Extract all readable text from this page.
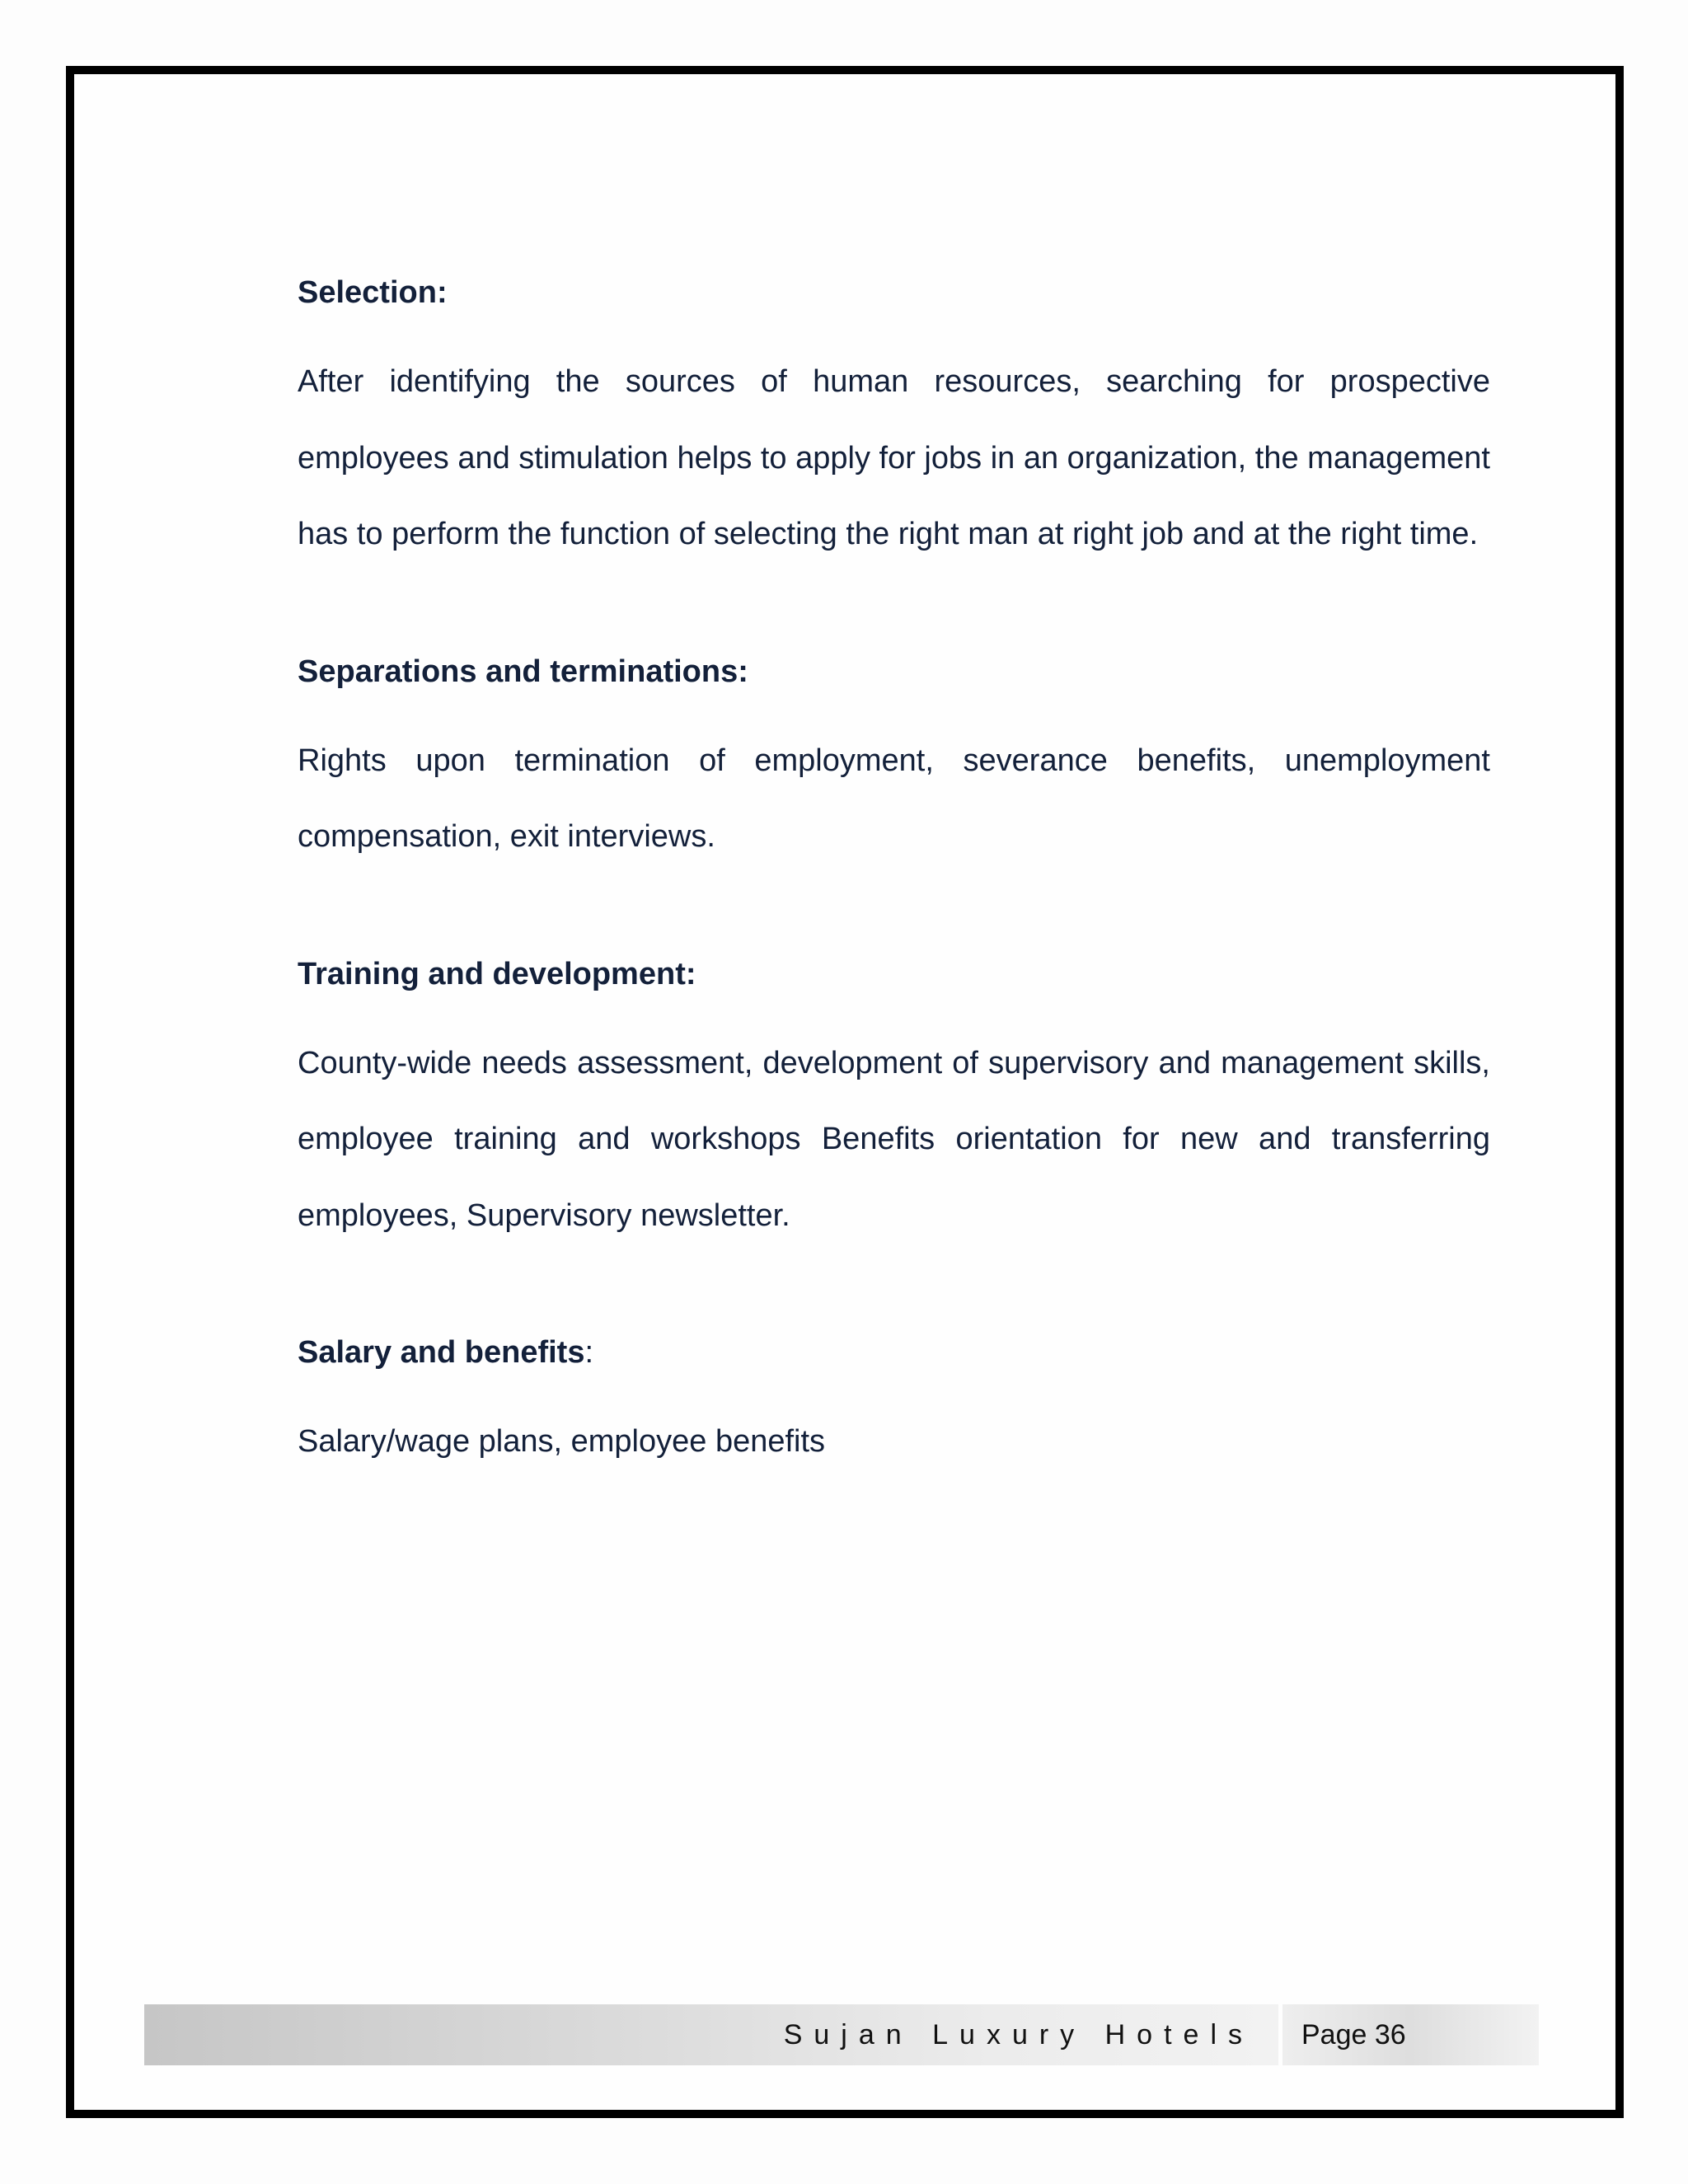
Selection:

After identifying the sources of human resources, searching for prospective employees and stimulation helps to apply for jobs in an organization, the management has to perform the function of selecting the right man at right job and at the right time.

Separations and terminations:

Rights upon termination of employment, severance benefits, unemployment compensation, exit interviews.

Training and development:

County-wide needs assessment, development of supervisory and management skills, employee training and workshops Benefits orientation for new and transferring employees, Supervisory newsletter.

Salary and benefits:

Salary/wage plans, employee benefits

Sujan Luxury Hotels Page 36
